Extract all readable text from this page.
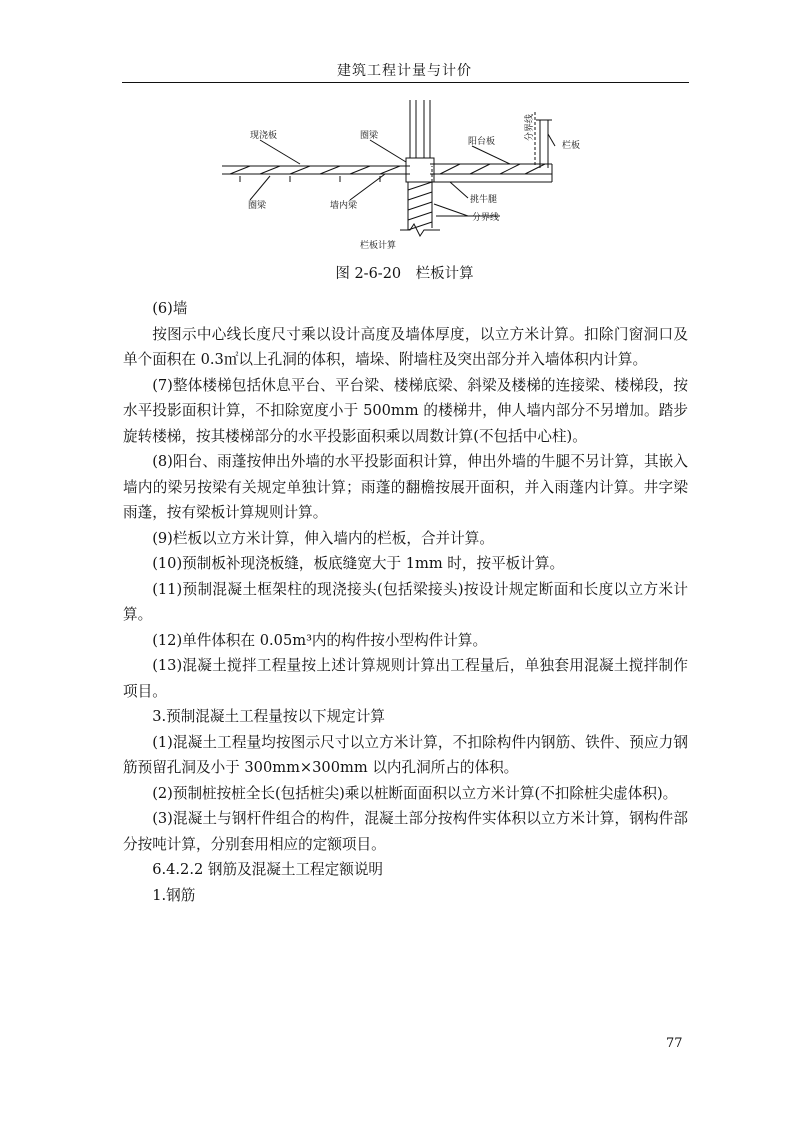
建筑工程计量与计价
现浇板	圈梁
阳台板	栏板
圈梁	墙内梁
挑牛腿
分界线
栏板计算
分界线
图 2-6-20　栏板计算

(6)墙

按图示中心线长度尺寸乘以设计高度及墙体厚度，以立方米计算。扣除门窗洞口及单个面积在 0.3㎡以上孔洞的体积，墙垛、附墙柱及突出部分并入墙体积内计算。

(7)整体楼梯包括休息平台、平台梁、楼梯底梁、斜梁及楼梯的连接梁、楼梯段，按水平投影面积计算，不扣除宽度小于 500mm 的楼梯井，伸人墙内部分不另增加。踏步旋转楼梯，按其楼梯部分的水平投影面积乘以周数计算(不包括中心柱)。

(8)阳台、雨蓬按伸出外墙的水平投影面积计算，伸出外墙的牛腿不另计算，其嵌入墙内的梁另按梁有关规定单独计算；雨蓬的翻檐按展开面积，并入雨蓬内计算。井字梁雨蓬，按有梁板计算规则计算。

(9)栏板以立方米计算，伸入墙内的栏板，合并计算。

(10)预制板补现浇板缝，板底缝宽大于 1mm 时，按平板计算。

(11)预制混凝土框架柱的现浇接头(包括梁接头)按设计规定断面和长度以立方米计算。

(12)单件体积在 0.05m³内的构件按小型构件计算。

(13)混凝土搅拌工程量按上述计算规则计算出工程量后，单独套用混凝土搅拌制作项目。

3.预制混凝土工程量按以下规定计算

(1)混凝土工程量均按图示尺寸以立方米计算，不扣除构件内钢筋、铁件、预应力钢筋预留孔洞及小于 300mm×300mm 以内孔洞所占的体积。

(2)预制桩按桩全长(包括桩尖)乘以桩断面面积以立方米计算(不扣除桩尖虚体积)。

(3)混凝土与钢杆件组合的构件，混凝土部分按构件实体积以立方米计算，钢构件部分按吨计算，分别套用相应的定额项目。

6.4.2.2 钢筋及混凝土工程定额说明

1.钢筋

77
